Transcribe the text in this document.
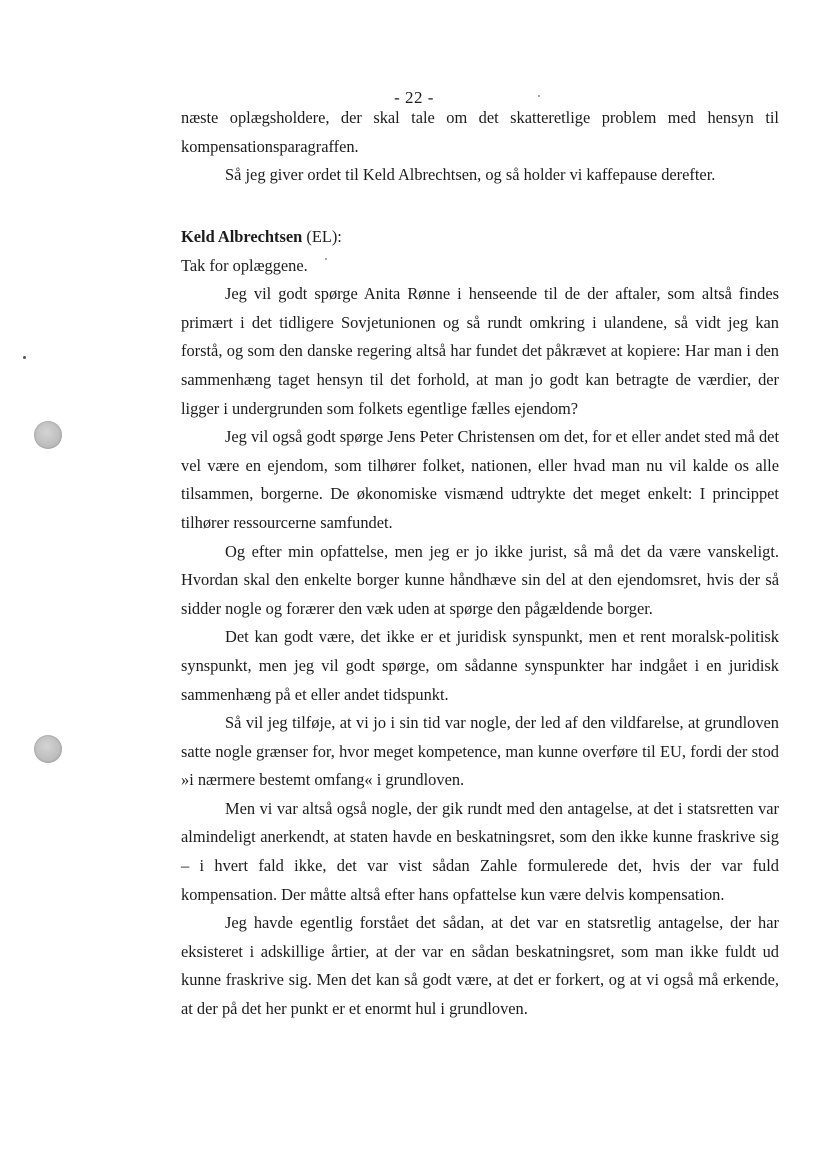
- 22 -

næste oplægsholdere, der skal tale om det skatteretlige problem med hensyn til kompensationsparagraffen.

Så jeg giver ordet til Keld Albrechtsen, og så holder vi kaffepause derefter.

Keld Albrechtsen (EL):

Tak for oplæggene.

Jeg vil godt spørge Anita Rønne i henseende til de der aftaler, som altså findes primært i det tidligere Sovjetunionen og så rundt omkring i ulandene, så vidt jeg kan forstå, og som den danske regering altså har fundet det påkrævet at kopiere: Har man i den sammenhæng taget hensyn til det forhold, at man jo godt kan betragte de værdier, der ligger i undergrunden som folkets egentlige fælles ejendom?

Jeg vil også godt spørge Jens Peter Christensen om det, for et eller andet sted må det vel være en ejendom, som tilhører folket, nationen, eller hvad man nu vil kalde os alle tilsammen, borgerne. De økonomiske vismænd udtrykte det meget enkelt: I princippet tilhører ressourcerne samfundet.

Og efter min opfattelse, men jeg er jo ikke jurist, så må det da være vanskeligt. Hvordan skal den enkelte borger kunne håndhæve sin del at den ejendomsret, hvis der så sidder nogle og forærer den væk uden at spørge den pågældende borger.

Det kan godt være, det ikke er et juridisk synspunkt, men et rent moralsk-politisk synspunkt, men jeg vil godt spørge, om sådanne synspunkter har indgået i en juridisk sammenhæng på et eller andet tidspunkt.

Så vil jeg tilføje, at vi jo i sin tid var nogle, der led af den vildfarelse, at grundloven satte nogle grænser for, hvor meget kompetence, man kunne overføre til EU, fordi der stod »i nærmere bestemt omfang« i grundloven.

Men vi var altså også nogle, der gik rundt med den antagelse, at det i statsretten var almindeligt anerkendt, at staten havde en beskatningsret, som den ikke kunne fraskrive sig – i hvert fald ikke, det var vist sådan Zahle formulerede det, hvis der var fuld kompensation. Der måtte altså efter hans opfattelse kun være delvis kompensation.

Jeg havde egentlig forstået det sådan, at det var en statsretlig antagelse, der har eksisteret i adskillige årtier, at der var en sådan beskatningsret, som man ikke fuldt ud kunne fraskrive sig. Men det kan så godt være, at det er forkert, og at vi også må erkende, at der på det her punkt er et enormt hul i grundloven.
